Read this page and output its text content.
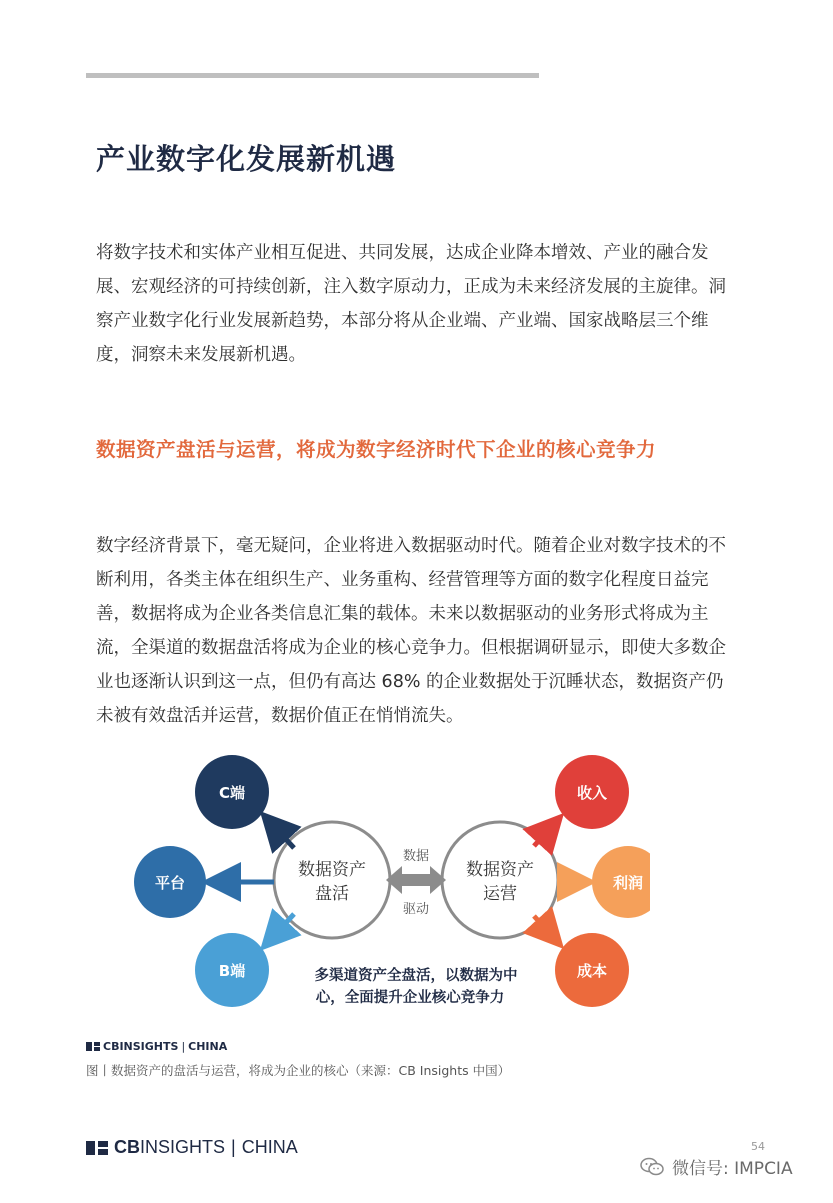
产业数字化发展新机遇

将数字技术和实体产业相互促进、共同发展，达成企业降本增效、产业的融合发展、宏观经济的可持续创新，注入数字原动力，正成为未来经济发展的主旋律。洞察产业数字化行业发展新趋势，本部分将从企业端、产业端、国家战略层三个维度，洞察未来发展新机遇。

数据资产盘活与运营，将成为数字经济时代下企业的核心竞争力

数字经济背景下，毫无疑问，企业将进入数据驱动时代。随着企业对数字技术的不断利用，各类主体在组织生产、业务重构、经营管理等方面的数字化程度日益完善，数据将成为企业各类信息汇集的载体。未来以数据驱动的业务形式将成为主流，全渠道的数据盘活将成为企业的核心竞争力。但根据调研显示，即使大多数企业也逐渐认识到这一点，但仍有高达 68% 的企业数据处于沉睡状态，数据资产仍未被有效盘活并运营，数据价值正在悄悄流失。

数据资产
盘活
数据资产
运营
数据
驱动
C端
平台
B端
收入
利润
成本
多渠道资产全盘活，以数据为中
心，全面提升企业核心竞争力
CBINSIGHTS | CHINA
图丨数据资产的盘活与运营，将成为企业的核心（来源：CB Insights 中国）
CB INSIGHTS | CHINA	54
微信号: IMPCIA
